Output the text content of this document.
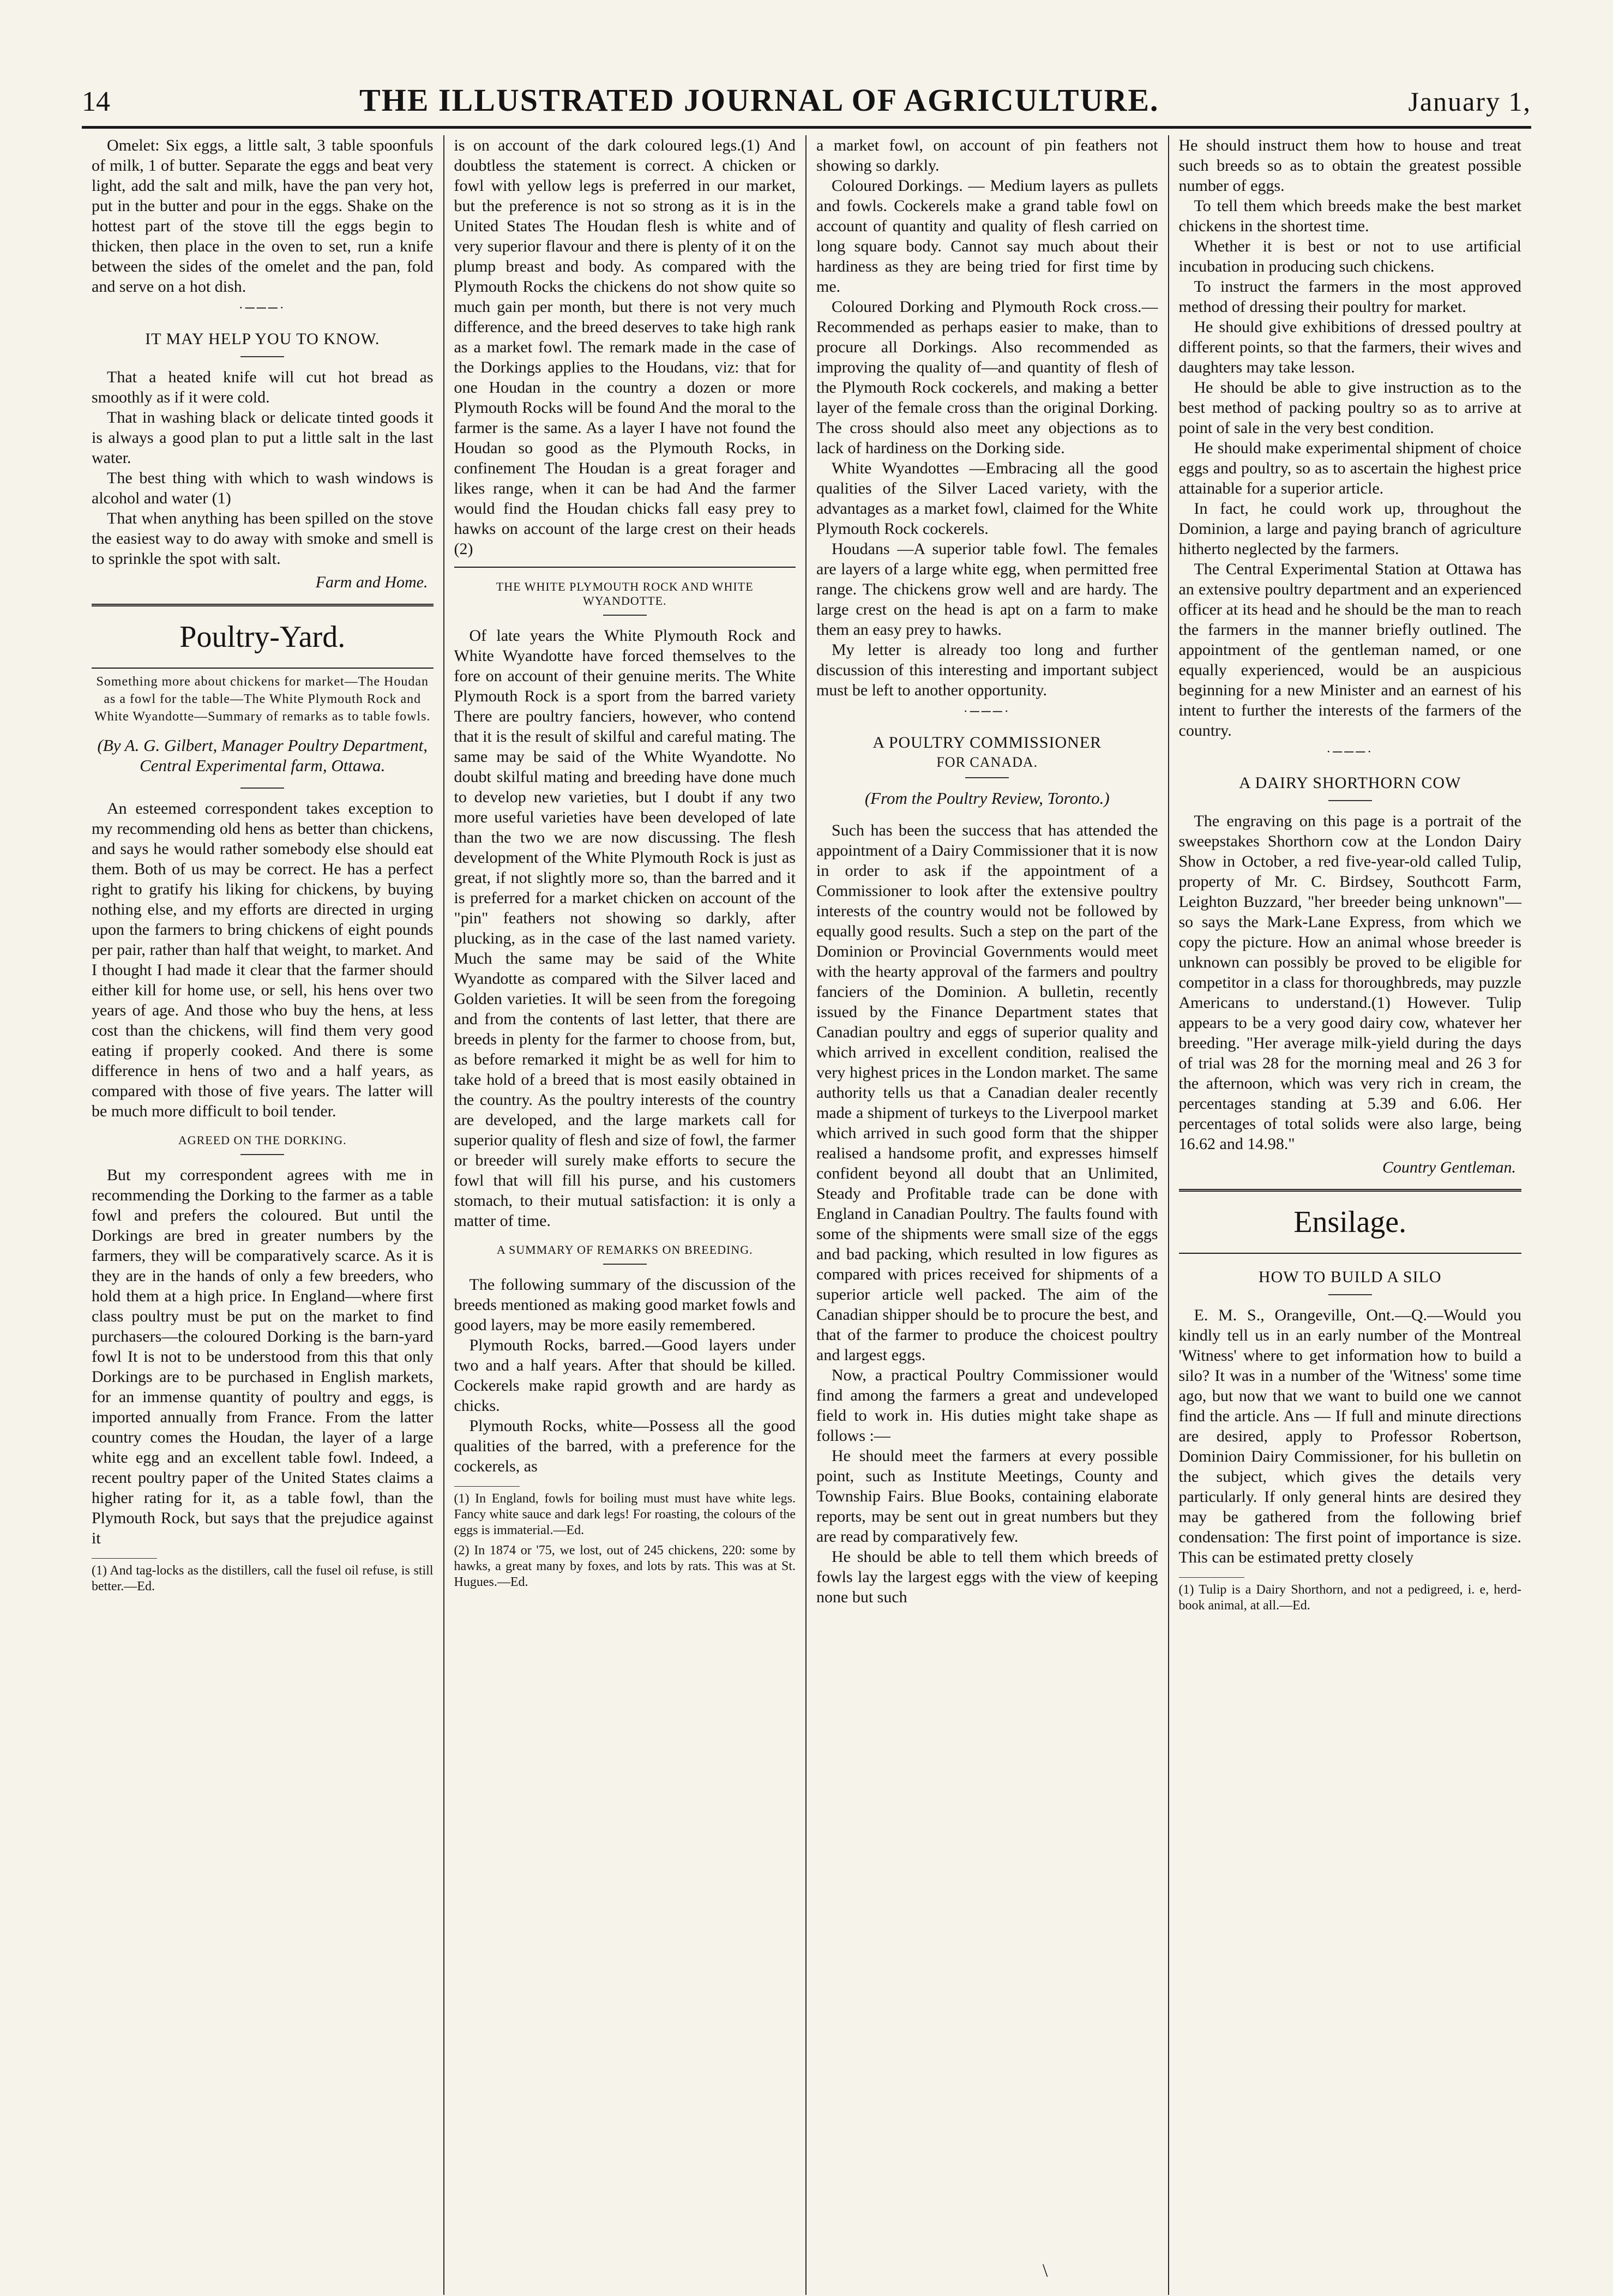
14	THE ILLUSTRATED JOURNAL OF AGRICULTURE.	January 1,

Omelet: Six eggs, a little salt, 3 table spoonfuls of milk, 1 of butter. Separate the eggs and beat very light, add the salt and milk, have the pan very hot, put in the butter and pour in the eggs. Shake on the hottest part of the stove till the eggs begin to thicken, then place in the oven to set, run a knife between the sides of the omelet and the pan, fold and serve on a hot dish.

·───·
IT MAY HELP YOU TO KNOW.

That a heated knife will cut hot bread as smoothly as if it were cold.

That in washing black or delicate tinted goods it is always a good plan to put a little salt in the last water.

The best thing with which to wash windows is alcohol and water (1)

That when anything has been spilled on the stove the easiest way to do away with smoke and smell is to sprinkle the spot with salt.

Farm and Home.
Poultry-Yard.
Something more about chickens for market—The Houdan as a fowl for the table—The White Plymouth Rock and White Wyandotte—Summary of remarks as to table fowls.
(By A. G. Gilbert, Manager Poultry Department, Central Experimental farm, Ottawa.

An esteemed correspondent takes exception to my recommending old hens as better than chickens, and says he would rather somebody else should eat them. Both of us may be correct. He has a perfect right to gratify his liking for chickens, by buying nothing else, and my efforts are directed in urging upon the farmers to bring chickens of eight pounds per pair, rather than half that weight, to market. And I thought I had made it clear that the farmer should either kill for home use, or sell, his hens over two years of age. And those who buy the hens, at less cost than the chickens, will find them very good eating if properly cooked. And there is some difference in hens of two and a half years, as compared with those of five years. The latter will be much more difficult to boil tender.

AGREED ON THE DORKING.

But my correspondent agrees with me in recommending the Dorking to the farmer as a table fowl and prefers the coloured. But until the Dorkings are bred in greater numbers by the farmers, they will be comparatively scarce. As it is they are in the hands of only a few breeders, who hold them at a high price. In England—where first class poultry must be put on the market to find purchasers—the coloured Dorking is the barn-yard fowl It is not to be understood from this that only Dorkings are to be purchased in English markets, for an immense quantity of poultry and eggs, is imported annually from France. From the latter country comes the Houdan, the layer of a large white egg and an excellent table fowl. Indeed, a recent poultry paper of the United States claims a higher rating for it, as a table fowl, than the Plymouth Rock, but says that the prejudice against it

(1) And tag-locks as the distillers, call the fusel oil refuse, is still better.—Ed.

is on account of the dark coloured legs.(1) And doubtless the statement is correct. A chicken or fowl with yellow legs is preferred in our market, but the preference is not so strong as it is in the United States The Houdan flesh is white and of very superior flavour and there is plenty of it on the plump breast and body. As compared with the Plymouth Rocks the chickens do not show quite so much gain per month, but there is not very much difference, and the breed deserves to take high rank as a market fowl. The remark made in the case of the Dorkings applies to the Houdans, viz: that for one Houdan in the country a dozen or more Plymouth Rocks will be found And the moral to the farmer is the same. As a layer I have not found the Houdan so good as the Plymouth Rocks, in confinement The Houdan is a great forager and likes range, when it can be had And the farmer would find the Houdan chicks fall easy prey to hawks on account of the large crest on their heads (2)

THE WHITE PLYMOUTH ROCK AND WHITE WYANDOTTE.

Of late years the White Plymouth Rock and White Wyandotte have forced themselves to the fore on account of their genuine merits. The White Plymouth Rock is a sport from the barred variety There are poultry fanciers, however, who contend that it is the result of skilful and careful mating. The same may be said of the White Wyandotte. No doubt skilful mating and breeding have done much to develop new varieties, but I doubt if any two more useful varieties have been developed of late than the two we are now discussing. The flesh development of the White Plymouth Rock is just as great, if not slightly more so, than the barred and it is preferred for a market chicken on account of the "pin" feathers not showing so darkly, after plucking, as in the case of the last named variety. Much the same may be said of the White Wyandotte as compared with the Silver laced and Golden varieties. It will be seen from the foregoing and from the contents of last letter, that there are breeds in plenty for the farmer to choose from, but, as before remarked it might be as well for him to take hold of a breed that is most easily obtained in the country. As the poultry interests of the country are developed, and the large markets call for superior quality of flesh and size of fowl, the farmer or breeder will surely make efforts to secure the fowl that will fill his purse, and his customers stomach, to their mutual satisfaction: it is only a matter of time.

A SUMMARY OF REMARKS ON BREEDING.

The following summary of the discussion of the breeds mentioned as making good market fowls and good layers, may be more easily remembered.

Plymouth Rocks, barred.—Good layers under two and a half years. After that should be killed. Cockerels make rapid growth and are hardy as chicks.

Plymouth Rocks, white—Possess all the good qualities of the barred, with a preference for the cockerels, as

(1) In England, fowls for boiling must must have white legs. Fancy white sauce and dark legs! For roasting, the colours of the eggs is immaterial.—Ed.

(2) In 1874 or '75, we lost, out of 245 chickens, 220: some by hawks, a great many by foxes, and lots by rats. This was at St. Hugues.—Ed.

a market fowl, on account of pin feathers not showing so darkly.

Coloured Dorkings. — Medium layers as pullets and fowls. Cockerels make a grand table fowl on account of quantity and quality of flesh carried on long square body. Cannot say much about their hardiness as they are being tried for first time by me.

Coloured Dorking and Plymouth Rock cross.—Recommended as perhaps easier to make, than to procure all Dorkings. Also recommended as improving the quality of—and quantity of flesh of the Plymouth Rock cockerels, and making a better layer of the female cross than the original Dorking. The cross should also meet any objections as to lack of hardiness on the Dorking side.

White Wyandottes —Embracing all the good qualities of the Silver Laced variety, with the advantages as a market fowl, claimed for the White Plymouth Rock cockerels.

Houdans —A superior table fowl. The females are layers of a large white egg, when permitted free range. The chickens grow well and are hardy. The large crest on the head is apt on a farm to make them an easy prey to hawks.

My letter is already too long and further discussion of this interesting and important subject must be left to another opportunity.

·───·
A POULTRY COMMISSIONER
FOR CANADA.
(From the Poultry Review, Toronto.)

Such has been the success that has attended the appointment of a Dairy Commissioner that it is now in order to ask if the appointment of a Commissioner to look after the extensive poultry interests of the country would not be followed by equally good results. Such a step on the part of the Dominion or Provincial Governments would meet with the hearty approval of the farmers and poultry fanciers of the Dominion. A bulletin, recently issued by the Finance Department states that Canadian poultry and eggs of superior quality and which arrived in excellent condition, realised the very highest prices in the London market. The same authority tells us that a Canadian dealer recently made a shipment of turkeys to the Liverpool market which arrived in such good form that the shipper realised a handsome profit, and expresses himself confident beyond all doubt that an Unlimited, Steady and Profitable trade can be done with England in Canadian Poultry. The faults found with some of the shipments were small size of the eggs and bad packing, which resulted in low figures as compared with prices received for shipments of a superior article well packed. The aim of the Canadian shipper should be to procure the best, and that of the farmer to produce the choicest poultry and largest eggs.

Now, a practical Poultry Commissioner would find among the farmers a great and undeveloped field to work in. His duties might take shape as follows :—

He should meet the farmers at every possible point, such as Institute Meetings, County and Township Fairs. Blue Books, containing elaborate reports, may be sent out in great numbers but they are read by comparatively few.

He should be able to tell them which breeds of fowls lay the largest eggs with the view of keeping none but such

He should instruct them how to house and treat such breeds so as to obtain the greatest possible number of eggs.

To tell them which breeds make the best market chickens in the shortest time.

Whether it is best or not to use artificial incubation in producing such chickens.

To instruct the farmers in the most approved method of dressing their poultry for market.

He should give exhibitions of dressed poultry at different points, so that the farmers, their wives and daughters may take lesson.

He should be able to give instruction as to the best method of packing poultry so as to arrive at point of sale in the very best condition.

He should make experimental shipment of choice eggs and poultry, so as to ascertain the highest price attainable for a superior article.

In fact, he could work up, throughout the Dominion, a large and paying branch of agriculture hitherto neglected by the farmers.

The Central Experimental Station at Ottawa has an extensive poultry department and an experienced officer at its head and he should be the man to reach the farmers in the manner briefly outlined. The appointment of the gentleman named, or one equally experienced, would be an auspicious beginning for a new Minister and an earnest of his intent to further the interests of the farmers of the country.

·───·
A DAIRY SHORTHORN COW

The engraving on this page is a portrait of the sweepstakes Shorthorn cow at the London Dairy Show in October, a red five-year-old called Tulip, property of Mr. C. Birdsey, Southcott Farm, Leighton Buzzard, "her breeder being unknown"—so says the Mark-Lane Express, from which we copy the picture. How an animal whose breeder is unknown can possibly be proved to be eligible for competitor in a class for thoroughbreds, may puzzle Americans to understand.(1) However. Tulip appears to be a very good dairy cow, whatever her breeding. "Her average milk-yield during the days of trial was 28 for the morning meal and 26 3 for the afternoon, which was very rich in cream, the percentages standing at 5.39 and 6.06. Her percentages of total solids were also large, being 16.62 and 14.98."

Country Gentleman.
Ensilage.
HOW TO BUILD A SILO

E. M. S., Orangeville, Ont.—Q.—Would you kindly tell us in an early number of the Montreal 'Witness' where to get information how to build a silo? It was in a number of the 'Witness' some time ago, but now that we want to build one we cannot find the article. Ans — If full and minute directions are desired, apply to Professor Robertson, Dominion Dairy Commissioner, for his bulletin on the subject, which gives the details very particularly. If only general hints are desired they may be gathered from the following brief condensation: The first point of importance is size. This can be estimated pretty closely

(1) Tulip is a Dairy Shorthorn, and not a pedigreed, i. e, herd-book animal, at all.—Ed.

\
